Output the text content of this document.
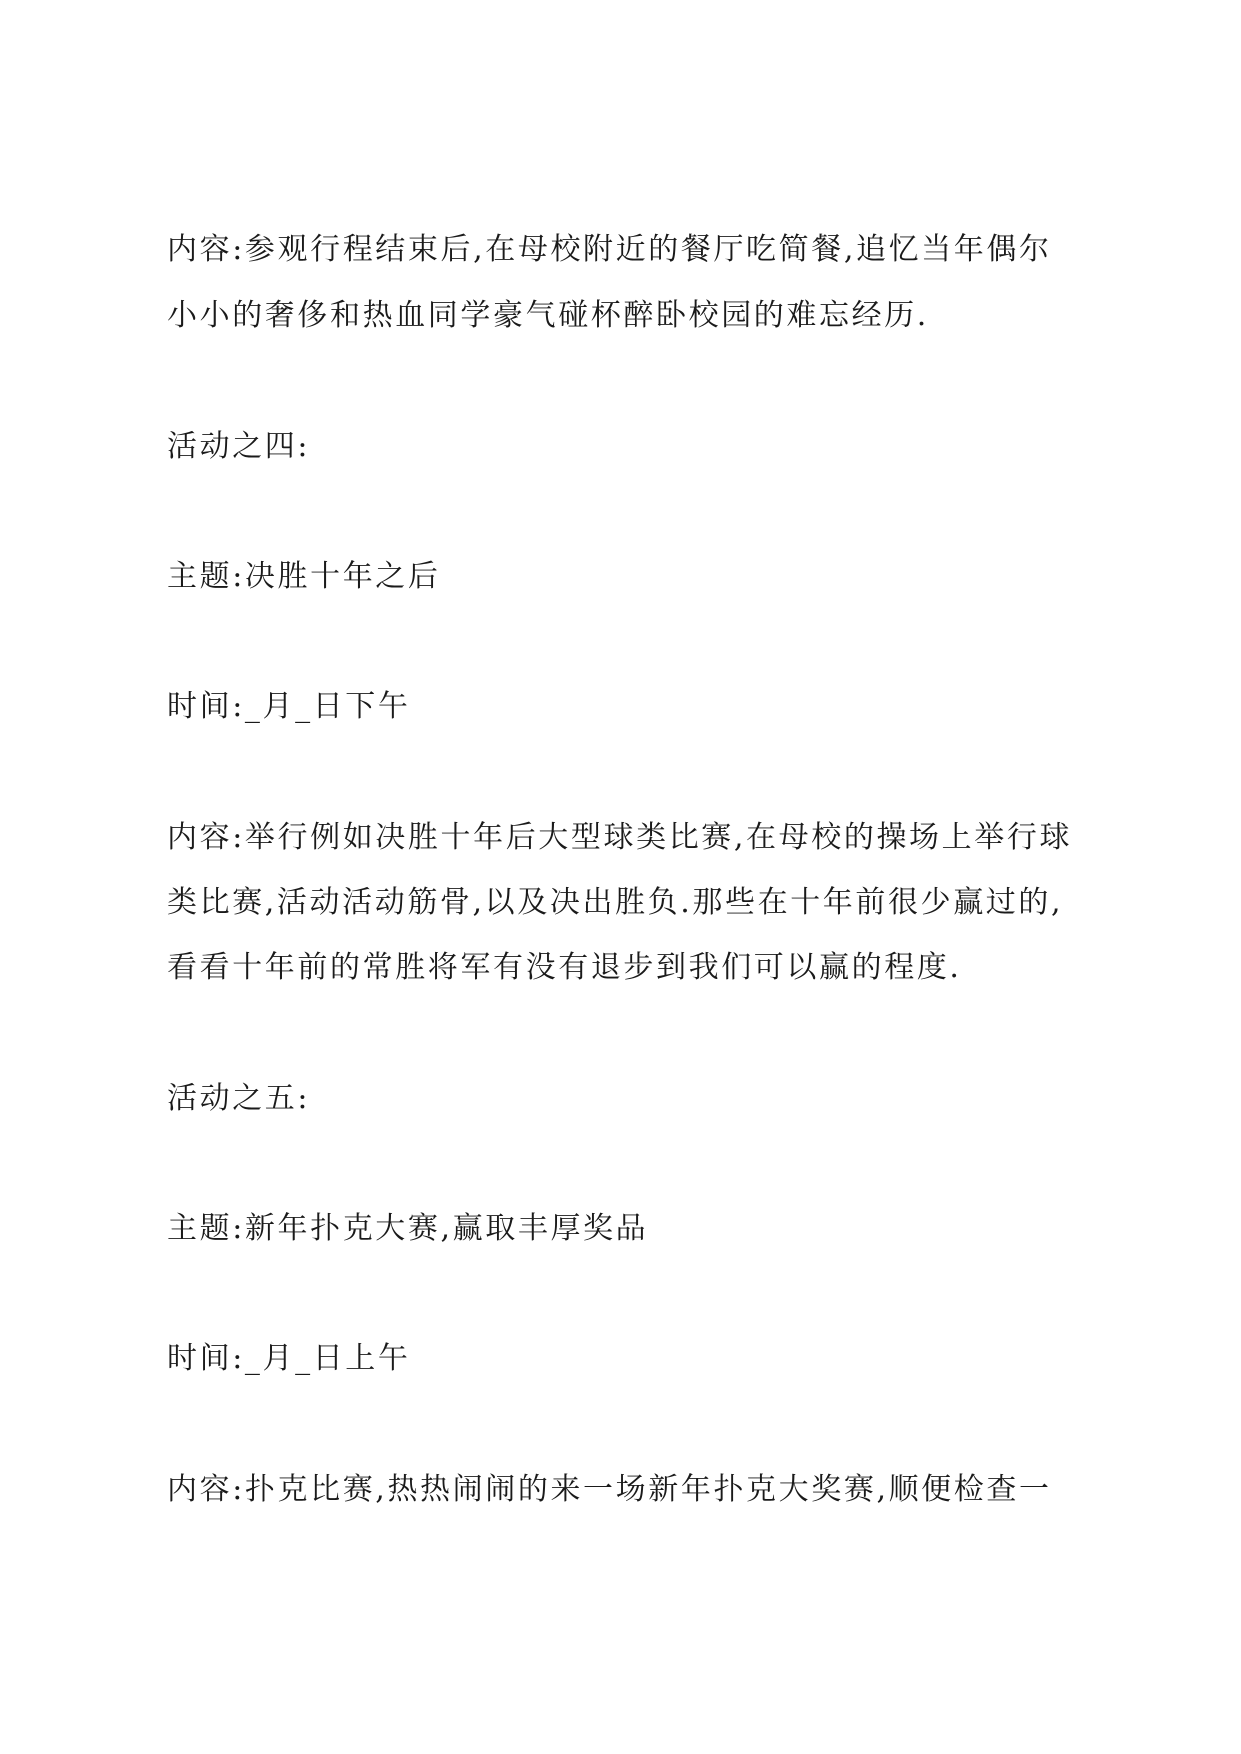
内容:参观行程结束后,在母校附近的餐厅吃简餐,追忆当年偶尔
小小的奢侈和热血同学豪气碰杯醉卧校园的难忘经历.
活动之四:
主题:决胜十年之后
时间:_月_日下午
内容:举行例如决胜十年后大型球类比赛,在母校的操场上举行球
类比赛,活动活动筋骨,以及决出胜负.那些在十年前很少赢过的,
看看十年前的常胜将军有没有退步到我们可以赢的程度.
活动之五:
主题:新年扑克大赛,赢取丰厚奖品
时间:_月_日上午
内容:扑克比赛,热热闹闹的来一场新年扑克大奖赛,顺便检查一
